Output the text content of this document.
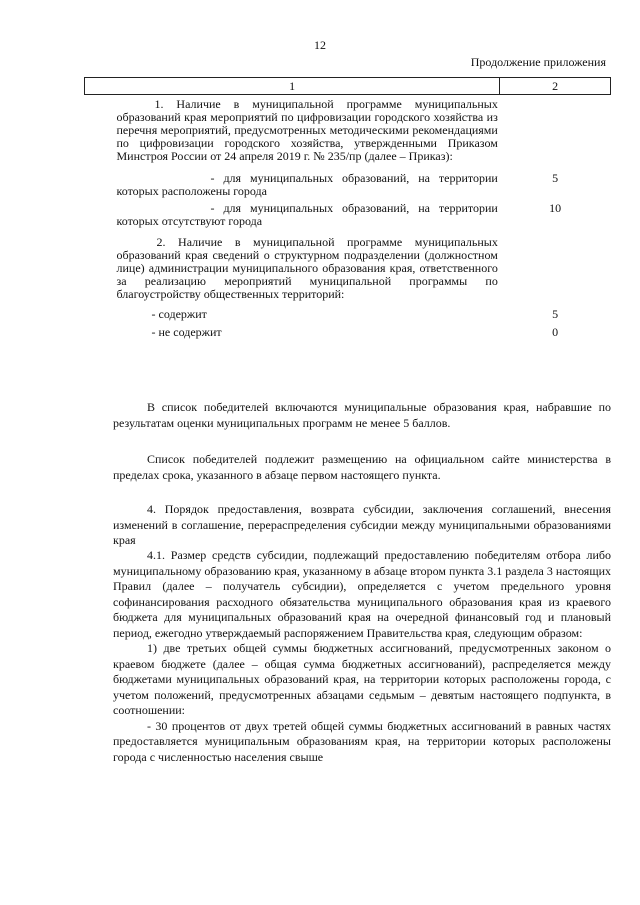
12
Продолжение приложения
1	2
1. Наличие в муниципальной программе муниципальных образований края мероприятий по цифровизации городского хозяйства из перечня мероприятий, предусмотренных методическими рекомендациями по цифровизации городского хозяйства, утвержденными Приказом Минстроя России от 24 апреля 2019 г. № 235/пр (далее – Приказ):	
- для муниципальных образований, на территории которых расположены города	5
- для муниципальных образований, на территории которых отсутствуют города	10
2. Наличие в муниципальной программе муниципальных образований края сведений о структурном подразделении (должностном лице) администрации муниципального образования края, ответственного за реализацию мероприятий муниципальной программы по благоустройству общественных территорий:	
- содержит	5
- не содержит	0

В список победителей включаются муниципальные образования края, набравшие по результатам оценки муниципальных программ не менее 5 баллов.

Список победителей подлежит размещению на официальном сайте министерства в пределах срока, указанного в абзаце первом настоящего пункта.

4. Порядок предоставления, возврата субсидии, заключения соглашений, внесения изменений в соглашение, перераспределения субсидии между муниципальными образованиями края

4.1. Размер средств субсидии, подлежащий предоставлению победителям отбора либо муниципальному образованию края, указанному в абзаце втором пункта 3.1 раздела 3 настоящих Правил (далее – получатель субсидии), определяется с учетом предельного уровня софинансирования расходного обязательства муниципального образования края из краевого бюджета для муниципальных образований края на очередной финансовый год и плановый период, ежегодно утверждаемый распоряжением Правительства края, следующим образом:

1) две третьих общей суммы бюджетных ассигнований, предусмотренных законом о краевом бюджете (далее – общая сумма бюджетных ассигнований), распределяется между бюджетами муниципальных образований края, на территории которых расположены города, с учетом положений, предусмотренных абзацами седьмым – девятым настоящего подпункта, в соотношении:

- 30 процентов от двух третей общей суммы бюджетных ассигнований в равных частях предоставляется муниципальным образованиям края, на территории которых расположены города с численностью населения свыше
